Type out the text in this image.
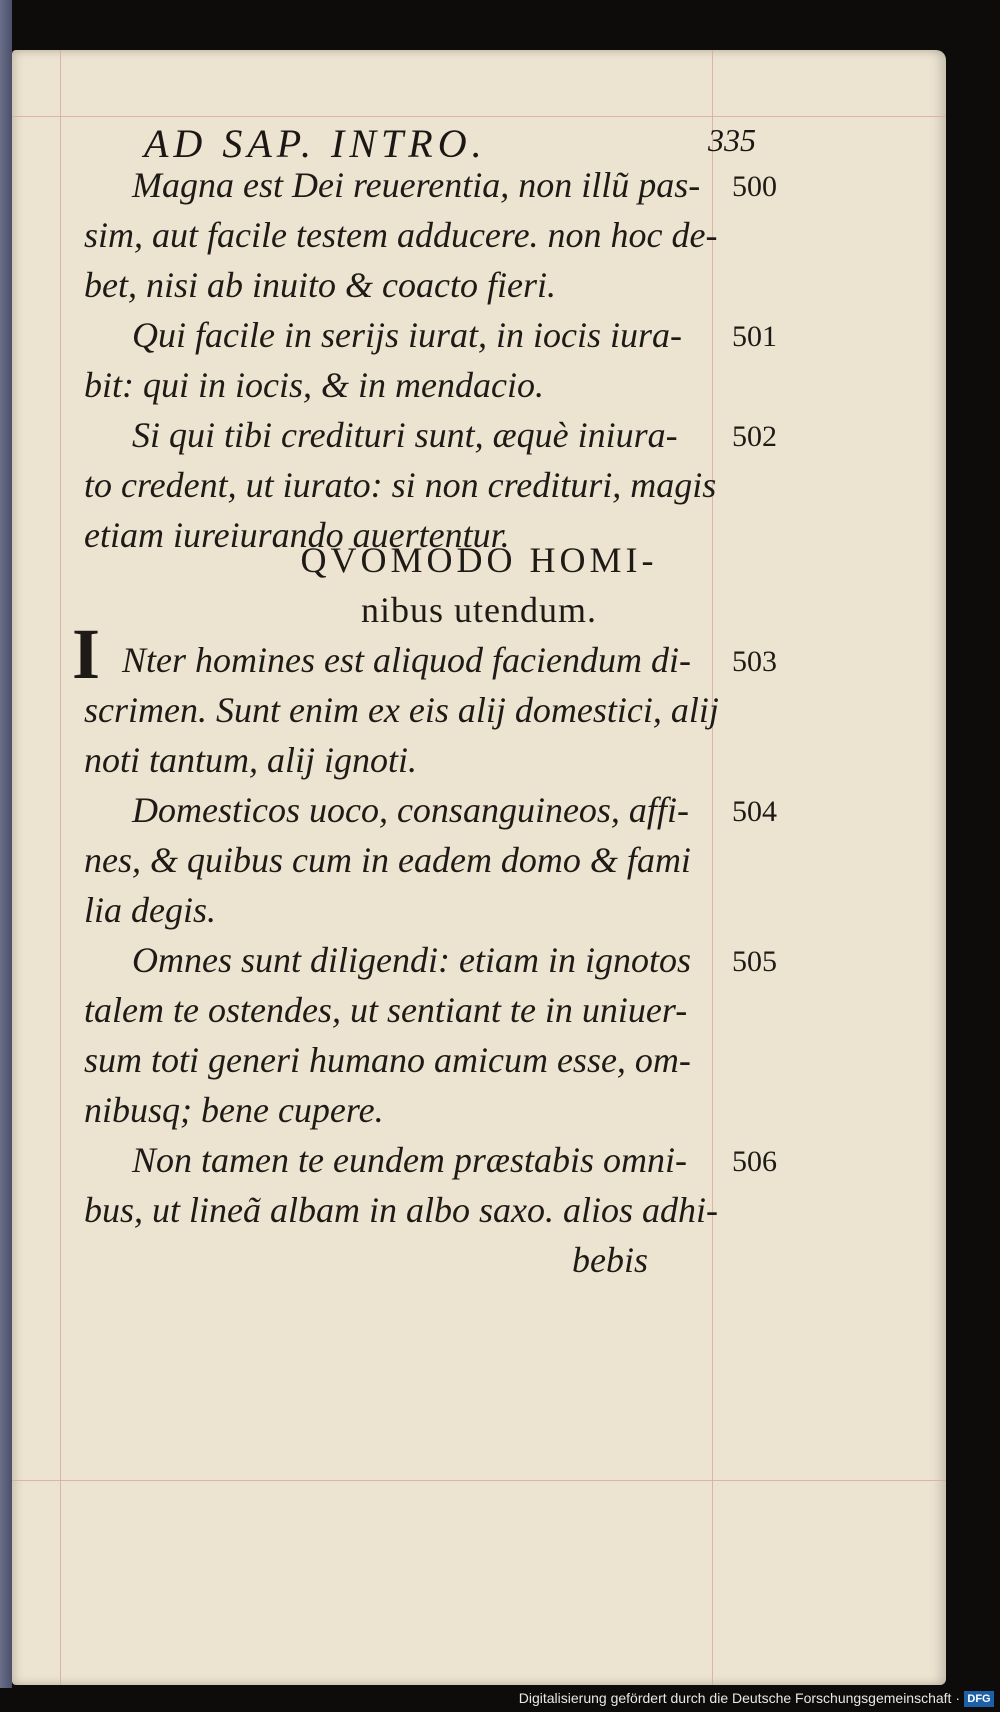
AD SAP. INTRO.	335
Magna est Dei reuerentia, non illũ pas-
sim, aut facile testem adducere. non hoc de-
bet, nisi ab inuito & coacto fieri.
Qui facile in serijs iurat, in iocis iura-
bit: qui in iocis, & in mendacio.
Si qui tibi credituri sunt, æquè iniura-
to credent, ut iurato: si non credituri, magis
etiam iureiurando auertentur.
QVOMODO HOMI-
nibus utendum.
I Nter homines est aliquod faciendum di-
scrimen. Sunt enim ex eis alij domestici, alij
noti tantum, alij ignoti.
Domesticos uoco, consanguineos, affi-
nes, & quibus cum in eadem domo & fami
lia degis.
Omnes sunt diligendi: etiam in ignotos
talem te ostendes, ut sentiant te in uniuer-
sum toti generi humano amicum esse, om-
nibusq; bene cupere.
Non tamen te eundem præstabis omni-
bus, ut lineã albam in albo saxo. alios adhi-
bebis
500
501
502
503
504
505
506
Digitalisierung gefördert durch die Deutsche Forschungsgemeinschaft · DFG
